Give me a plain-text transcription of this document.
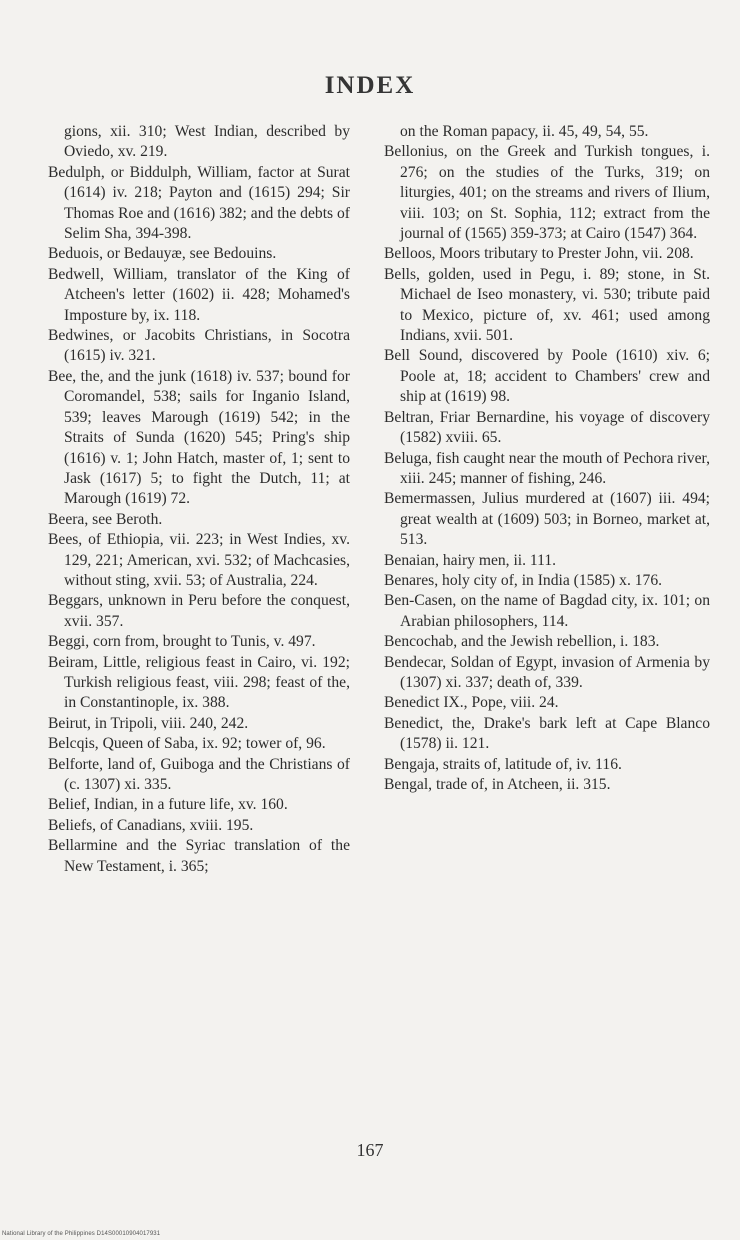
INDEX

gions, xii. 310; West Indian, described by Oviedo, xv. 219.

Bedulph, or Biddulph, William, factor at Surat (1614) iv. 218; Payton and (1615) 294; Sir Thomas Roe and (1616) 382; and the debts of Selim Sha, 394-398.

Beduois, or Bedauyæ, see Bedouins.

Bedwell, William, translator of the King of Atcheen's letter (1602) ii. 428; Mohamed's Imposture by, ix. 118.

Bedwines, or Jacobits Christians, in Socotra (1615) iv. 321.

Bee, the, and the junk (1618) iv. 537; bound for Coromandel, 538; sails for Inganio Island, 539; leaves Marough (1619) 542; in the Straits of Sunda (1620) 545; Pring's ship (1616) v. 1; John Hatch, master of, 1; sent to Jask (1617) 5; to fight the Dutch, 11; at Marough (1619) 72.

Beera, see Beroth.

Bees, of Ethiopia, vii. 223; in West Indies, xv. 129, 221; American, xvi. 532; of Machcasies, without sting, xvii. 53; of Australia, 224.

Beggars, unknown in Peru before the conquest, xvii. 357.

Beggi, corn from, brought to Tunis, v. 497.

Beiram, Little, religious feast in Cairo, vi. 192; Turkish religious feast, viii. 298; feast of the, in Constantinople, ix. 388.

Beirut, in Tripoli, viii. 240, 242.

Belcqis, Queen of Saba, ix. 92; tower of, 96.

Belforte, land of, Guiboga and the Christians of (c. 1307) xi. 335.

Belief, Indian, in a future life, xv. 160.

Beliefs, of Canadians, xviii. 195.

Bellarmine and the Syriac translation of the New Testament, i. 365;

on the Roman papacy, ii. 45, 49, 54, 55.

Bellonius, on the Greek and Turkish tongues, i. 276; on the studies of the Turks, 319; on liturgies, 401; on the streams and rivers of Ilium, viii. 103; on St. Sophia, 112; extract from the journal of (1565) 359-373; at Cairo (1547) 364.

Belloos, Moors tributary to Prester John, vii. 208.

Bells, golden, used in Pegu, i. 89; stone, in St. Michael de Iseo monastery, vi. 530; tribute paid to Mexico, picture of, xv. 461; used among Indians, xvii. 501.

Bell Sound, discovered by Poole (1610) xiv. 6; Poole at, 18; accident to Chambers' crew and ship at (1619) 98.

Beltran, Friar Bernardine, his voyage of discovery (1582) xviii. 65.

Beluga, fish caught near the mouth of Pechora river, xiii. 245; manner of fishing, 246.

Bemermassen, Julius murdered at (1607) iii. 494; great wealth at (1609) 503; in Borneo, market at, 513.

Benaian, hairy men, ii. 111.

Benares, holy city of, in India (1585) x. 176.

Ben-Casen, on the name of Bagdad city, ix. 101; on Arabian philosophers, 114.

Bencochab, and the Jewish rebellion, i. 183.

Bendecar, Soldan of Egypt, invasion of Armenia by (1307) xi. 337; death of, 339.

Benedict IX., Pope, viii. 24.

Benedict, the, Drake's bark left at Cape Blanco (1578) ii. 121.

Bengaja, straits of, latitude of, iv. 116.

Bengal, trade of, in Atcheen, ii. 315.

167
National Library of the Philippines D14S00010904017931
